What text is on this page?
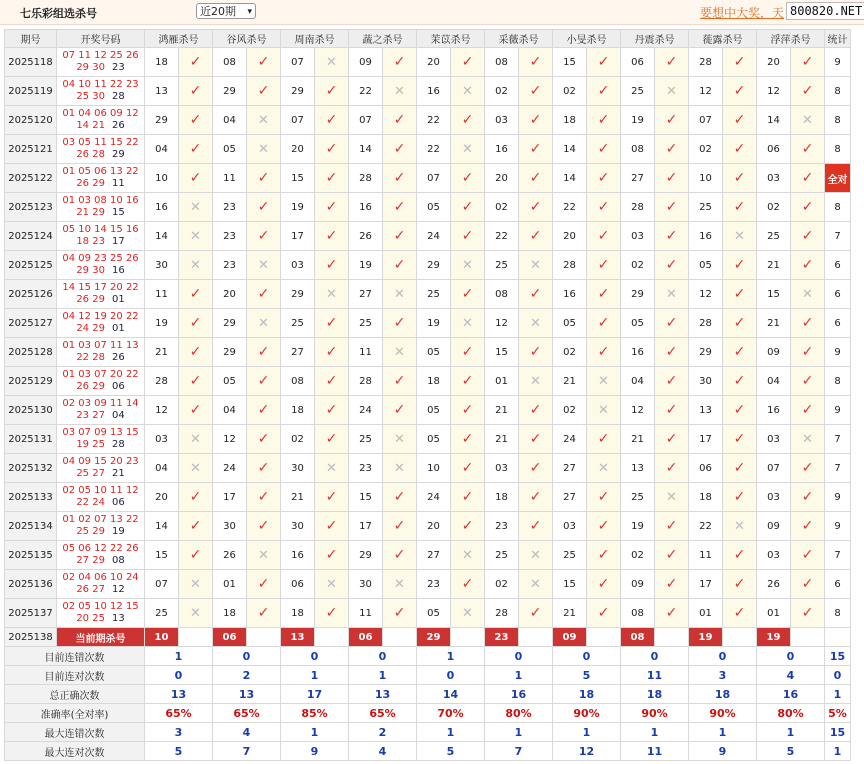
七乐彩组选杀号	近20期 ▾	要想中大奖，天 800820.NET
期号	开奖号码	鸿雁杀号		谷风杀号		周南杀号		蔬之杀号		茉苡杀号		采薇杀号		小旻杀号		丹震杀号		蓰露杀号		浮萍杀号		统计
2025118	07 11 12 25 26
29 30 23	18	✓	08	✓	07	✕	09	✓	20	✓	08	✓	15	✓	06	✓	28	✓	20	✓	9
2025119	04 10 11 22 23
25 30 28	13	✓	29	✓	29	✓	22	✕	16	✕	02	✓	02	✓	25	✕	12	✓	12	✓	8
2025120	01 04 06 09 12
14 21 26	29	✓	04	✕	07	✓	07	✓	22	✓	03	✓	18	✓	19	✓	07	✓	14	✕	8
2025121	03 05 11 15 22
26 28 29	04	✓	05	✕	20	✓	14	✓	22	✕	16	✓	14	✓	08	✓	02	✓	06	✓	8
2025122	01 05 06 13 22
26 29 11	10	✓	11	✓	15	✓	28	✓	07	✓	20	✓	14	✓	27	✓	10	✓	03	✓	全对
2025123	01 03 08 10 16
21 29 15	16	✕	23	✓	19	✓	16	✓	05	✓	02	✓	22	✓	28	✓	25	✓	02	✓	8
2025124	05 10 14 15 16
18 23 17	14	✕	23	✓	17	✓	26	✓	24	✓	22	✓	20	✓	03	✓	16	✕	25	✓	7
2025125	04 09 23 25 26
29 30 16	30	✕	23	✕	03	✓	19	✓	29	✕	25	✕	28	✓	02	✓	05	✓	21	✓	6
2025126	14 15 17 20 22
26 29 01	11	✓	20	✓	29	✕	27	✕	25	✓	08	✓	16	✓	29	✕	12	✓	15	✕	6
2025127	04 12 19 20 22
24 29 01	19	✓	29	✕	25	✓	25	✓	19	✕	12	✕	05	✓	05	✓	28	✓	21	✓	6
2025128	01 03 07 11 13
22 28 26	21	✓	29	✓	27	✓	11	✕	05	✓	15	✓	02	✓	16	✓	29	✓	09	✓	9
2025129	01 03 07 20 22
26 29 06	28	✓	05	✓	08	✓	28	✓	18	✓	01	✕	21	✕	04	✓	30	✓	04	✓	8
2025130	02 03 09 11 14
23 27 04	12	✓	04	✓	18	✓	24	✓	05	✓	21	✓	02	✕	12	✓	13	✓	16	✓	9
2025131	03 07 09 13 15
19 25 28	03	✕	12	✓	02	✓	25	✕	05	✓	21	✓	24	✓	21	✓	17	✓	03	✕	7
2025132	04 09 15 20 23
25 27 21	04	✕	24	✓	30	✕	23	✕	10	✓	03	✓	27	✕	13	✓	06	✓	07	✓	7
2025133	02 05 10 11 12
22 24 06	20	✓	17	✓	21	✓	15	✓	24	✓	18	✓	27	✓	25	✕	18	✓	03	✓	9
2025134	01 02 07 13 22
25 29 19	14	✓	30	✓	30	✓	17	✓	20	✓	23	✓	03	✓	19	✓	22	✕	09	✓	9
2025135	05 06 12 22 26
27 29 08	15	✓	26	✕	16	✓	29	✓	27	✕	25	✕	25	✓	02	✓	11	✓	03	✓	7
2025136	02 04 06 10 24
26 27 12	07	✕	01	✓	06	✕	30	✕	23	✓	02	✕	15	✓	09	✓	17	✓	26	✓	6
2025137	02 05 10 12 15
20 25 13	25	✕	18	✓	18	✓	11	✓	05	✕	28	✓	21	✓	08	✓	01	✓	01	✓	8
2025138	当前期杀号	10		06		13		06		29		23		09		08		19		19		
目前连错次数		1		0		0		0		1		0		0		0		0		0		15
目前连对次数		0		2		1		1		0		1		5		11		3		4		0
总正确次数		13		13		17		13		14		16		18		18		18		16		1
准确率(全对率)		65%		65%		85%		65%		70%		80%		90%		90%		90%		80%		5%
最大连错次数		3		4		1		2		1		1		1		1		1		1		15
最大连对次数		5		7		9		4		5		7		12		11		9		5		1
